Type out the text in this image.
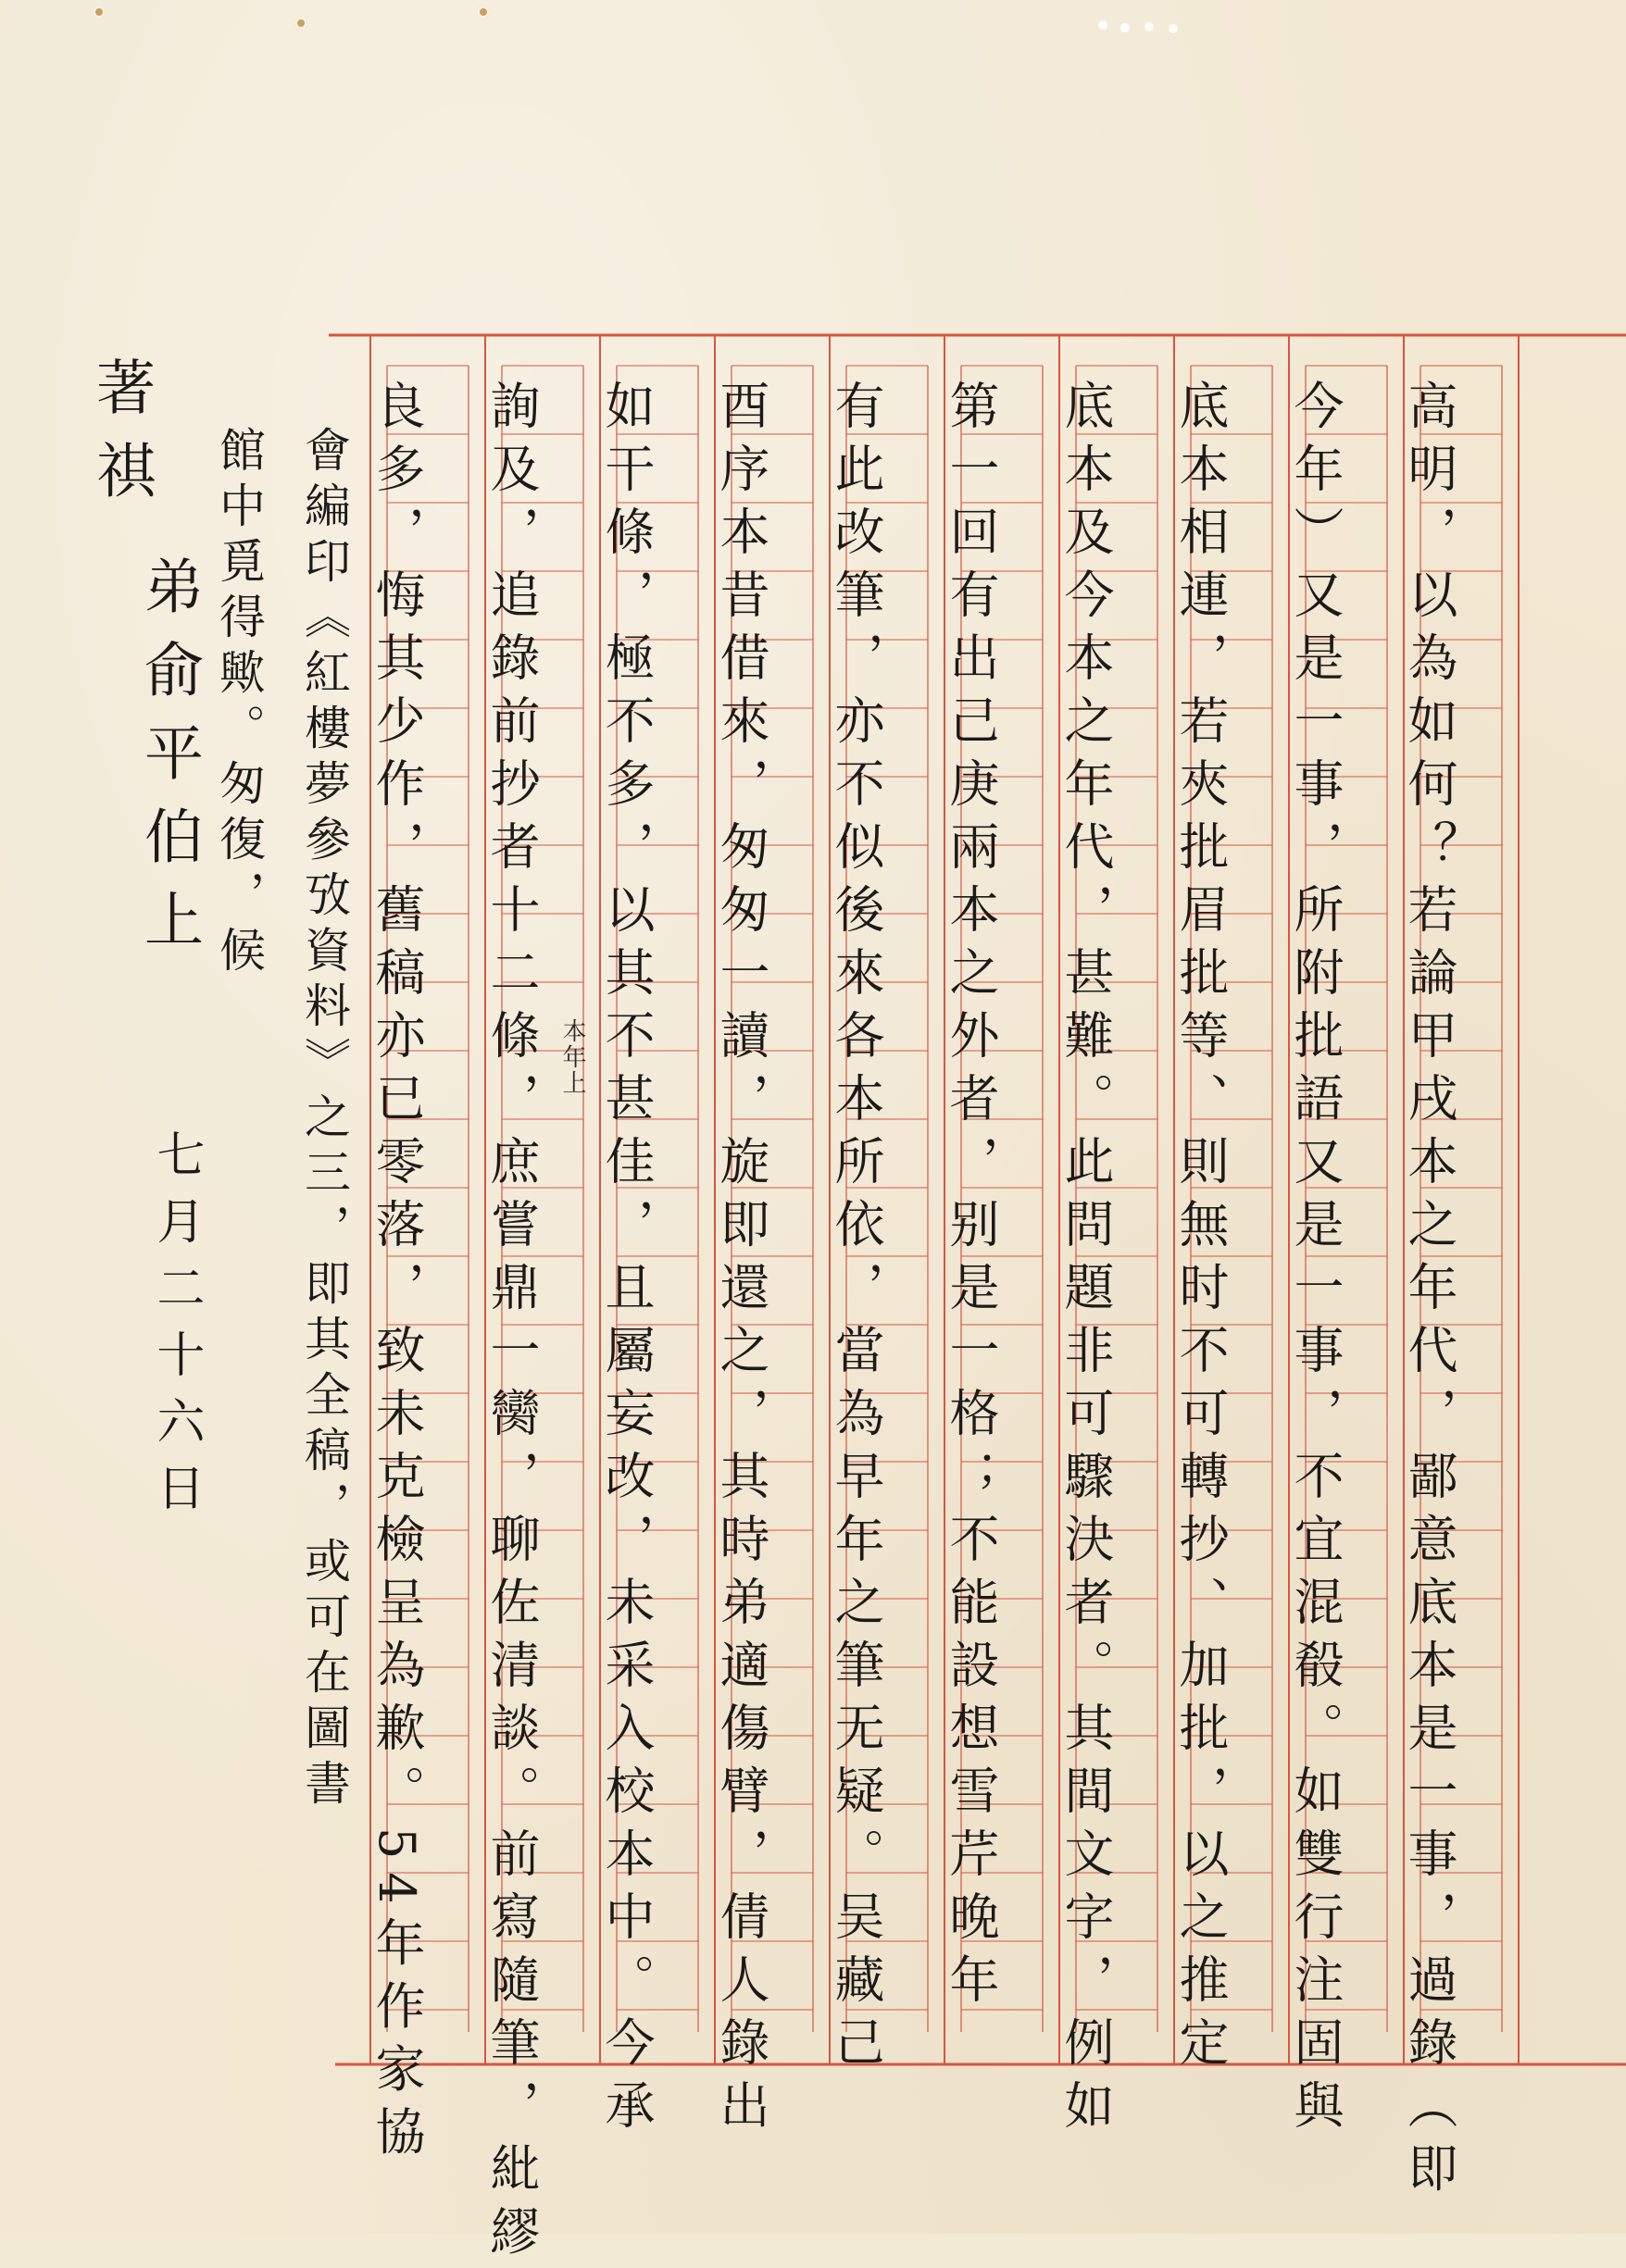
高明，以為如何？若論甲戌本之年代，鄙意底本是一事，過錄（即
今年）又是一事，所附批語又是一事，不宜混殽。如雙行注固與
底本相連，若夾批眉批等、則無时不可轉抄、加批，以之推定
底本及今本之年代，甚難。此問題非可驟決者。其間文字，例如
第一回有出己庚兩本之外者，别是一格；不能設想雪芹晚年
有此改筆，亦不似後來各本所依，當為早年之筆无疑。吴藏己
酉序本昔借來，匆匆一讀，旋即還之，其時弟適傷臂，倩人錄出
如干條，極不多，以其不甚佳，且屬妄改，未采入校本中。今承
詢及，追錄前抄者十二條，庶嘗鼎一臠，聊佐清談。前寫隨筆，紕繆
良多，悔其少作，舊稿亦已零落，致未克檢呈為歉。54年作家協	本年上
會編印《紅樓夢參攷資料》之三，即其全稿，或可在圖書
館中覓得歟。匆復，候
著祺
弟俞平伯上
七月二十六日
